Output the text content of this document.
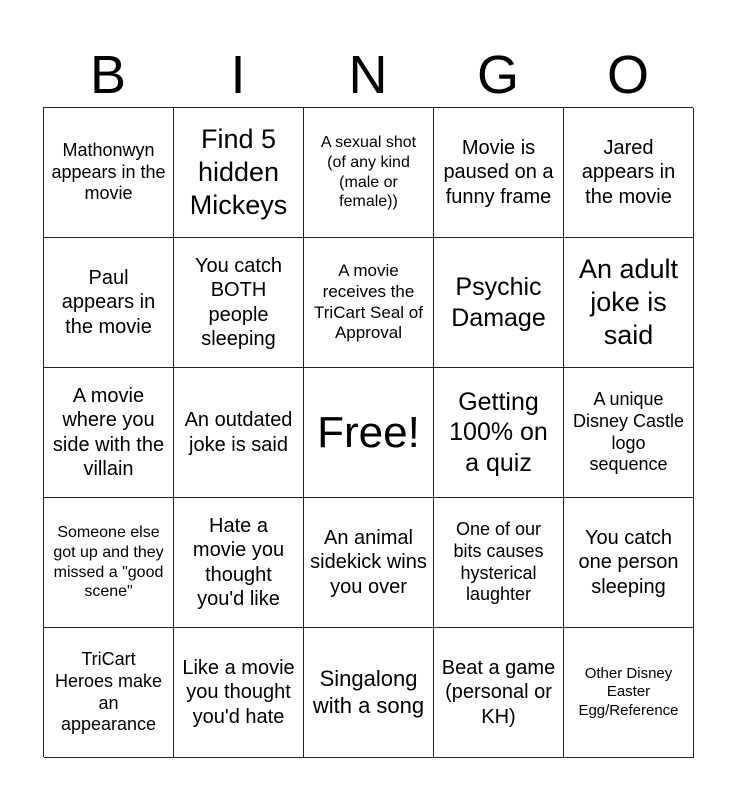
B	I	N	G	O
Mathonwyn appears in the movie
Find 5 hidden Mickeys
A sexual shot (of any kind (male or female))
Movie is paused on a funny frame
Jared appears in the movie
Paul appears in the movie
You catch BOTH people sleeping
A movie receives the TriCart Seal of Approval
Psychic Damage
An adult joke is said
A movie where you side with the villain
An outdated joke is said Free!
Getting 100% on a quiz
A unique Disney Castle logo sequence
Someone else got up and they missed a "good scene"
Hate a movie you thought you'd like
An animal sidekick wins you over
One of our bits causes hysterical laughter
You catch one person sleeping
TriCart Heroes make an appearance
Like a movie you thought you'd hate
Singalong with a song
Beat a game (personal or KH)
Other Disney Easter Egg/Reference
